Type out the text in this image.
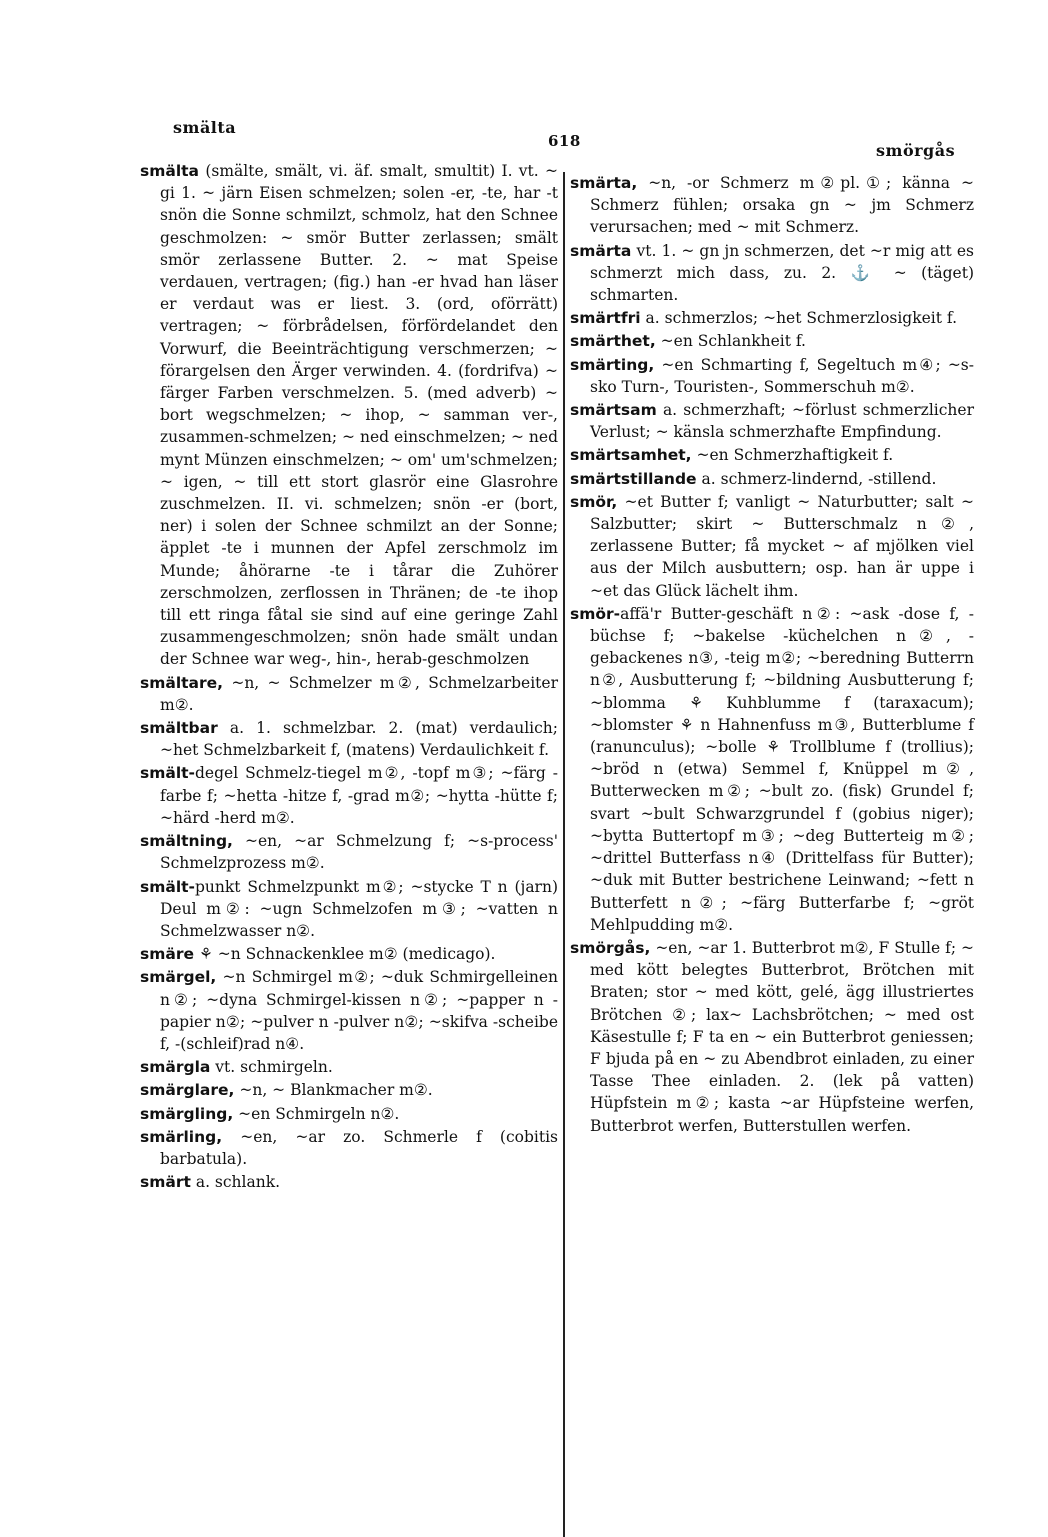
smälta
618	smörgås
smälta (smälte, smält, vi. äf. smalt, smultit) I. vt. ~ gi 1. ~ järn Eisen schmelzen; solen -er, -te, har -t snön die Sonne schmilzt, schmolz, hat den Schnee geschmolzen: ~ smör Butter zerlassen; smält smör zerlassene Butter. 2. ~ mat Speise verdauen, vertragen; (fig.) han -er hvad han läser er verdaut was er liest. 3. (ord, oförrätt) vertragen; ~ förbrådelsen, förfördelandet den Vorwurf, die Beeinträchtigung verschmerzen; ~ förargelsen den Ärger verwinden. 4. (fordrifva) ~ färger Farben verschmelzen. 5. (med adverb) ~ bort wegschmelzen; ~ ihop, ~ samman ver-, zusammen-schmelzen; ~ ned einschmelzen; ~ ned mynt Münzen einschmelzen; ~ om' um'schmelzen; ~ igen, ~ till ett stort glasrör eine Glasrohre zuschmelzen. II. vi. schmelzen; snön -er (bort, ner) i solen der Schnee schmilzt an der Sonne; äpplet -te i munnen der Apfel zerschmolz im Munde; åhörarne -te i tårar die Zuhörer zerschmolzen, zerflossen in Thränen; de -te ihop till ett ringa fåtal sie sind auf eine geringe Zahl zusammengeschmolzen; snön hade smält undan der Schnee war weg-, hin-, herab-geschmolzen
smältare, ~n, ~ Schmelzer m②, Schmelzarbeiter m②.
smältbar a. 1. schmelzbar. 2. (mat) verdaulich; ~het Schmelzbarkeit f, (matens) Verdaulichkeit f.
smält-degel Schmelz-tiegel m②, -topf m③; ~färg -farbe f; ~hetta -hitze f, -grad m②; ~hytta -hütte f; ~härd -herd m②.
smältning, ~en, ~ar Schmelzung f; ~s-process' Schmelzprozess m②.
smält-punkt Schmelzpunkt m②; ~stycke T n (jarn) Deul m②: ~ugn Schmelzofen m③; ~vatten n Schmelzwasser n②.
smäre ⚘ ~n Schnackenklee m② (medicago).
smärgel, ~n Schmirgel m②; ~duk Schmirgelleinen n②; ~dyna Schmirgel-kissen n②; ~papper n -papier n②; ~pulver n -pulver n②; ~skifva -scheibe f, -(schleif)rad n④.
smärgla vt. schmirgeln.
smärglare, ~n, ~ Blankmacher m②.
smärgling, ~en Schmirgeln n②.
smärling, ~en, ~ar zo. Schmerle f (cobitis barbatula).
smärt a. schlank.
smärta, ~n, -or Schmerz m②pl.①; känna ~ Schmerz fühlen; orsaka gn ~ jm Schmerz verursachen; med ~ mit Schmerz.
smärta vt. 1. ~ gn jn schmerzen, det ~r mig att es schmerzt mich dass, zu. 2. ⚓ ~ (täget) schmarten.
smärtfri a. schmerzlos; ~het Schmerzlosigkeit f.
smärthet, ~en Schlankheit f.
smärting, ~en Schmarting f, Segeltuch m④; ~s-sko Turn-, Touristen-, Sommerschuh m②.
smärtsam a. schmerzhaft; ~förlust schmerzlicher Verlust; ~ känsla schmerzhafte Empfindung.
smärtsamhet, ~en Schmerzhaftigkeit f.
smärtstillande a. schmerz-lindernd, -stillend.
smör, ~et Butter f; vanligt ~ Naturbutter; salt ~ Salzbutter; skirt ~ Butterschmalz n②, zerlassene Butter; få mycket ~ af mjölken viel aus der Milch ausbuttern; osp. han är uppe i ~et das Glück lächelt ihm.
smör-affä'r Butter-geschäft n②: ~ask -dose f, -büchse f; ~bakelse -küchelchen n②, -gebackenes n③, -teig m②; ~beredning Butterrn n②, Ausbutterung f; ~bildning Ausbutterung f; ~blomma ⚘ Kuhblumme f (taraxacum); ~blomster ⚘ n Hahnenfuss m③, Butterblume f (ranunculus); ~bolle ⚘ Trollblume f (trollius); ~bröd n (etwa) Semmel f, Knüppel m②, Butterwecken m②; ~bult zo. (fisk) Grundel f; svart ~bult Schwarzgrundel f (gobius niger); ~bytta Buttertopf m③; ~deg Butterteig m②; ~drittel Butterfass n④ (Drittelfass für Butter); ~duk mit Butter bestrichene Leinwand; ~fett n Butterfett n②; ~färg Butterfarbe f; ~gröt Mehlpudding m②.
smörgås, ~en, ~ar 1. Butterbrot m②, F Stulle f; ~ med kött belegtes Butterbrot, Brötchen mit Braten; stor ~ med kött, gelé, ägg illustriertes Brötchen ②; lax~ Lachsbrötchen; ~ med ost Käsestulle f; F ta en ~ ein Butterbrot geniessen; F bjuda på en ~ zu Abendbrot einladen, zu einer Tasse Thee einladen. 2. (lek på vatten) Hüpfstein m②; kasta ~ar Hüpfsteine werfen, Butterbrot werfen, Butterstullen werfen.
